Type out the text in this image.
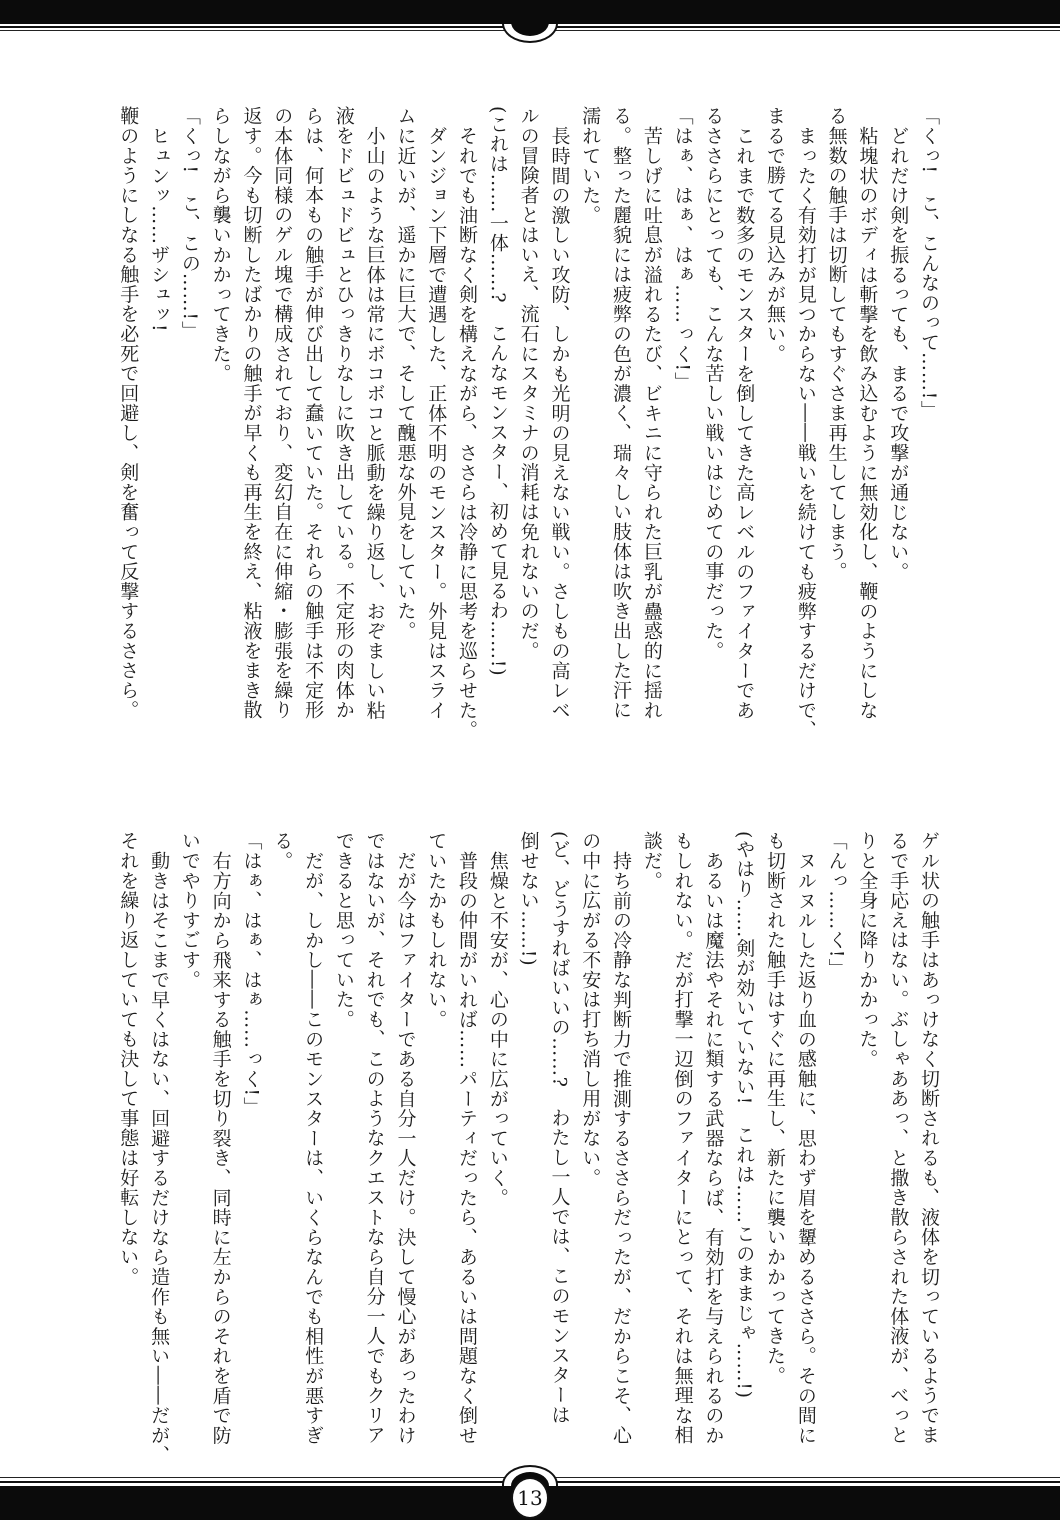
「くっ!　こ、こんなのって……!」
どれだけ剣を振るっても、まるで攻撃が通じない。
粘塊状のボディは斬撃を飲み込むように無効化し、鞭のようにしな
る無数の触手は切断してもすぐさま再生してしまう。
まったく有効打が見つからない――戦いを続けても疲弊するだけで、
まるで勝てる見込みが無い。
これまで数多のモンスターを倒してきた高レベルのファイターであ
るささらにとっても、こんな苦しい戦いはじめての事だった。
「はぁ、はぁ、はぁ……っく!」
苦しげに吐息が溢れるたび、ビキニに守られた巨乳が蠱惑的に揺れ
る。整った麗貌には疲弊の色が濃く、瑞々しい肢体は吹き出した汗に
濡れていた。
長時間の激しい攻防、しかも光明の見えない戦い。さしもの高レベ
ルの冒険者とはいえ、流石にスタミナの消耗は免れないのだ。
(これは……一体……?　こんなモンスター、初めて見るわ……!)
それでも油断なく剣を構えながら、ささらは冷静に思考を巡らせた。
ダンジョン下層で遭遇した、正体不明のモンスター。外見はスライ
ムに近いが、遥かに巨大で、そして醜悪な外見をしていた。
小山のような巨体は常にボコボコと脈動を繰り返し、おぞましい粘
液をドビュドビュとひっきりなしに吹き出している。不定形の肉体か
らは、何本もの触手が伸び出して蠢いていた。それらの触手は不定形
の本体同様のゲル塊で構成されており、変幻自在に伸縮・膨張を繰り
返す。今も切断したばかりの触手が早くも再生を終え、粘液をまき散
らしながら襲いかかってきた。
「くっ!　こ、この……!」
ヒュンッ……ザシュッ!
鞭のようにしなる触手を必死で回避し、剣を奮って反撃するささら。
ゲル状の触手はあっけなく切断されるも、液体を切っているようでま
るで手応えはない。ぶしゃああっ、と撒き散らされた体液が、べっと
りと全身に降りかかった。
「んっ……く!」
ヌルヌルした返り血の感触に、思わず眉を顰めるささら。その間に
も切断された触手はすぐに再生し、新たに襲いかかってきた。
(やはり……剣が効いていない!　これは……このままじゃ……!)
あるいは魔法やそれに類する武器ならば、有効打を与えられるのか
もしれない。だが打撃一辺倒のファイターにとって、それは無理な相
談だ。
持ち前の冷静な判断力で推測するささらだったが、だからこそ、心
の中に広がる不安は打ち消し用がない。
(ど、どうすればいいの……?　わたし一人では、このモンスターは
倒せない……!)
焦燥と不安が、心の中に広がっていく。
普段の仲間がいれば……パーティだったら、あるいは問題なく倒せ
ていたかもしれない。
だが今はファイターである自分一人だけ。決して慢心があったわけ
ではないが、それでも、このようなクエストなら自分一人でもクリア
できると思っていた。
だが、しかし――このモンスターは、いくらなんでも相性が悪すぎ
る。
「はぁ、はぁ、はぁ……っく!」
右方向から飛来する触手を切り裂き、同時に左からのそれを盾で防
いでやりすごす。
動きはそこまで早くはない、回避するだけなら造作も無い――だが、
それを繰り返していても決して事態は好転しない。
13
